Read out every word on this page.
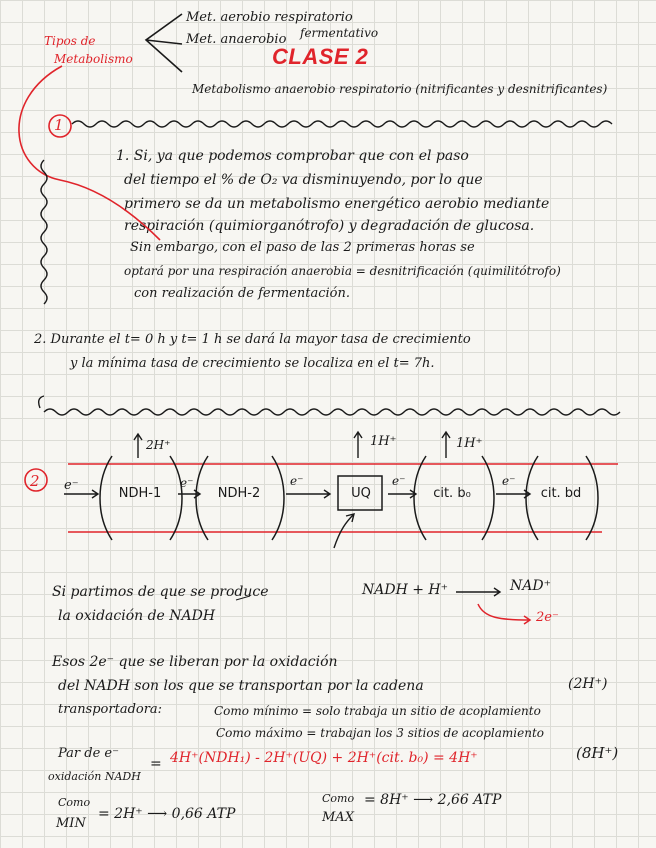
Tipos de
Metabolismo
Met. aerobio respiratorio
Met. anaerobio fermentativo
CLASE 2
Metabolismo anaerobio respiratorio (nitrificantes y desnitrificantes)
1
1. Si, ya que podemos comprobar que con el paso
del tiempo el % de O₂ va disminuyendo, por lo que
primero se da un metabolismo energético aerobio mediante
respiración (quimiorganótrofo) y degradación de glucosa.
Sin embargo, con el paso de las 2 primeras horas se
optará por una respiración anaerobia = desnitrificación (quimilitótrofo)
con realización de fermentación.
2. Durante el t= 0 h y t= 1 h se dará la mayor tasa de crecimiento
y la mínima tasa de crecimiento se localiza en el t= 7h.
2 e⁻	e⁻	e⁻	e⁻	e⁻
2H⁺	1H⁺	1H⁺
NDH-1	NDH-2	UQ	cit. b₀	cit. bd
Si partimos de que se produce
la oxidación de NADH
NADH + H⁺	NAD⁺
2e⁻
Esos 2e⁻ que se liberan por la oxidación
del NADH son los que se transportan por la cadena	(2H⁺)
transportadora:	Como mínimo = solo trabaja un sitio de acoplamiento
Como máximo = trabajan los 3 sitios de acoplamiento
Par de e⁻
oxidación NADH
= 4H⁺(NDH₁) - 2H⁺(UQ) + 2H⁺(cit. b₀) = 4H⁺	(8H⁺)
Como
MIN
= 2H⁺ ⟶ 0,66 ATP
Como
MAX
= 8H⁺ ⟶ 2,66 ATP
